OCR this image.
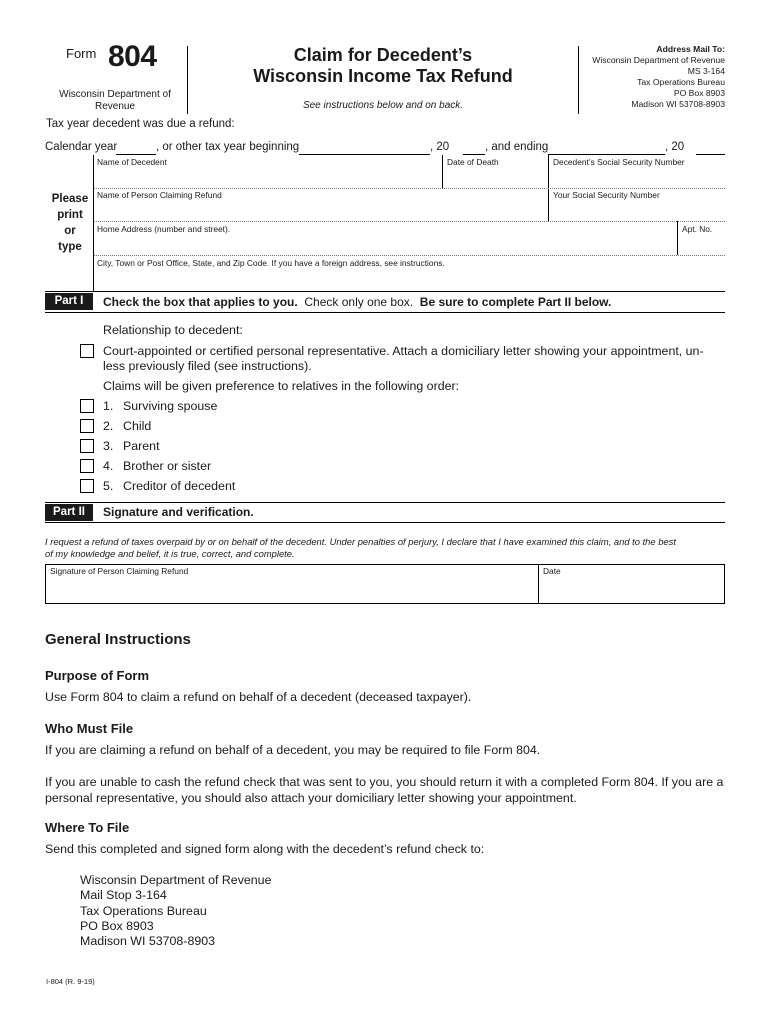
Form 804
Wisconsin Department of Revenue
Claim for Decedent’s
Wisconsin Income Tax Refund
See instructions below and on back.
Address Mail To:
Wisconsin Department of Revenue
MS 3-164
Tax Operations Bureau
PO Box 8903
Madison WI 53708-8903
Tax year decedent was due a refund:
Calendar year	, or other tax year beginning	, 20	, and ending	, 20
Please
print
or
type
Name of Decedent	Date of Death	Decedent’s Social Security Number
Name of Person Claiming Refund	Your Social Security Number
Home Address (number and street).	Apt. No.
City, Town or Post Office, State, and Zip Code. If you have a foreign address, see instructions.
Part I	Check the box that applies to you. Check only one box. Be sure to complete Part II below.
Relationship to decedent:
Court-appointed or certified personal representative. Attach a domiciliary letter showing your appointment, un-
less previously filed (see instructions).
Claims will be given preference to relatives in the following order:
1. Surviving spouse
2. Child
3. Parent
4. Brother or sister
5. Creditor of decedent
Part II	Signature and verification.
I request a refund of taxes overpaid by or on behalf of the decedent. Under penalties of perjury, I declare that I have examined this claim, and to the best
of my knowledge and belief, it is true, correct, and complete.
Signature of Person Claiming Refund	Date
General Instructions
Purpose of Form
Use Form 804 to claim a refund on behalf of a decedent (deceased taxpayer).
Who Must File
If you are claiming a refund on behalf of a decedent, you may be required to file Form 804.
If you are unable to cash the refund check that was sent to you, you should return it with a completed Form 804. If you are a personal representative, you should also attach your domiciliary letter showing your appointment.
Where To File
Send this completed and signed form along with the decedent’s refund check to:
Wisconsin Department of Revenue
Mail Stop 3-164
Tax Operations Bureau
PO Box 8903
Madison WI 53708-8903
I-804 (R. 9-19)
